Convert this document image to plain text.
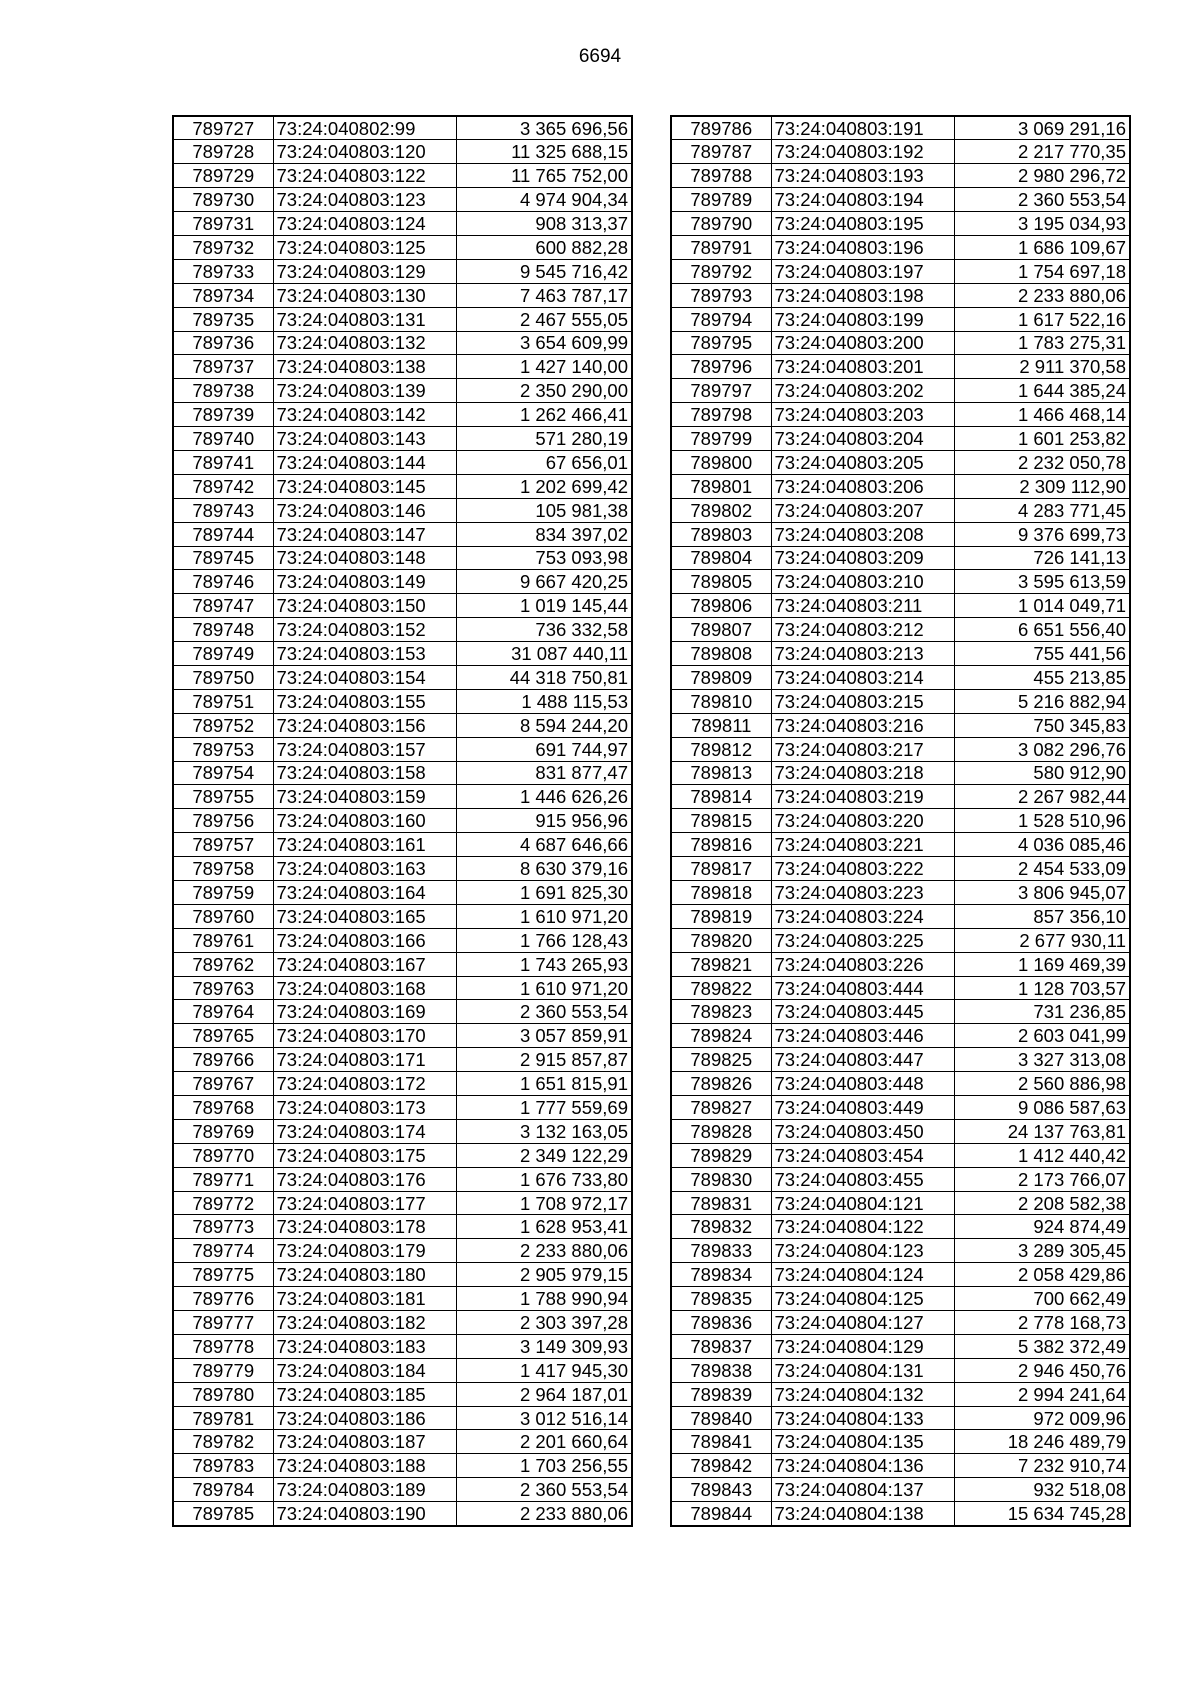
6694
789727	73:24:040802:99	3 365 696,56
789728	73:24:040803:120	11 325 688,15
789729	73:24:040803:122	11 765 752,00
789730	73:24:040803:123	4 974 904,34
789731	73:24:040803:124	908 313,37
789732	73:24:040803:125	600 882,28
789733	73:24:040803:129	9 545 716,42
789734	73:24:040803:130	7 463 787,17
789735	73:24:040803:131	2 467 555,05
789736	73:24:040803:132	3 654 609,99
789737	73:24:040803:138	1 427 140,00
789738	73:24:040803:139	2 350 290,00
789739	73:24:040803:142	1 262 466,41
789740	73:24:040803:143	571 280,19
789741	73:24:040803:144	67 656,01
789742	73:24:040803:145	1 202 699,42
789743	73:24:040803:146	105 981,38
789744	73:24:040803:147	834 397,02
789745	73:24:040803:148	753 093,98
789746	73:24:040803:149	9 667 420,25
789747	73:24:040803:150	1 019 145,44
789748	73:24:040803:152	736 332,58
789749	73:24:040803:153	31 087 440,11
789750	73:24:040803:154	44 318 750,81
789751	73:24:040803:155	1 488 115,53
789752	73:24:040803:156	8 594 244,20
789753	73:24:040803:157	691 744,97
789754	73:24:040803:158	831 877,47
789755	73:24:040803:159	1 446 626,26
789756	73:24:040803:160	915 956,96
789757	73:24:040803:161	4 687 646,66
789758	73:24:040803:163	8 630 379,16
789759	73:24:040803:164	1 691 825,30
789760	73:24:040803:165	1 610 971,20
789761	73:24:040803:166	1 766 128,43
789762	73:24:040803:167	1 743 265,93
789763	73:24:040803:168	1 610 971,20
789764	73:24:040803:169	2 360 553,54
789765	73:24:040803:170	3 057 859,91
789766	73:24:040803:171	2 915 857,87
789767	73:24:040803:172	1 651 815,91
789768	73:24:040803:173	1 777 559,69
789769	73:24:040803:174	3 132 163,05
789770	73:24:040803:175	2 349 122,29
789771	73:24:040803:176	1 676 733,80
789772	73:24:040803:177	1 708 972,17
789773	73:24:040803:178	1 628 953,41
789774	73:24:040803:179	2 233 880,06
789775	73:24:040803:180	2 905 979,15
789776	73:24:040803:181	1 788 990,94
789777	73:24:040803:182	2 303 397,28
789778	73:24:040803:183	3 149 309,93
789779	73:24:040803:184	1 417 945,30
789780	73:24:040803:185	2 964 187,01
789781	73:24:040803:186	3 012 516,14
789782	73:24:040803:187	2 201 660,64
789783	73:24:040803:188	1 703 256,55
789784	73:24:040803:189	2 360 553,54
789785	73:24:040803:190	2 233 880,06
789786	73:24:040803:191	3 069 291,16
789787	73:24:040803:192	2 217 770,35
789788	73:24:040803:193	2 980 296,72
789789	73:24:040803:194	2 360 553,54
789790	73:24:040803:195	3 195 034,93
789791	73:24:040803:196	1 686 109,67
789792	73:24:040803:197	1 754 697,18
789793	73:24:040803:198	2 233 880,06
789794	73:24:040803:199	1 617 522,16
789795	73:24:040803:200	1 783 275,31
789796	73:24:040803:201	2 911 370,58
789797	73:24:040803:202	1 644 385,24
789798	73:24:040803:203	1 466 468,14
789799	73:24:040803:204	1 601 253,82
789800	73:24:040803:205	2 232 050,78
789801	73:24:040803:206	2 309 112,90
789802	73:24:040803:207	4 283 771,45
789803	73:24:040803:208	9 376 699,73
789804	73:24:040803:209	726 141,13
789805	73:24:040803:210	3 595 613,59
789806	73:24:040803:211	1 014 049,71
789807	73:24:040803:212	6 651 556,40
789808	73:24:040803:213	755 441,56
789809	73:24:040803:214	455 213,85
789810	73:24:040803:215	5 216 882,94
789811	73:24:040803:216	750 345,83
789812	73:24:040803:217	3 082 296,76
789813	73:24:040803:218	580 912,90
789814	73:24:040803:219	2 267 982,44
789815	73:24:040803:220	1 528 510,96
789816	73:24:040803:221	4 036 085,46
789817	73:24:040803:222	2 454 533,09
789818	73:24:040803:223	3 806 945,07
789819	73:24:040803:224	857 356,10
789820	73:24:040803:225	2 677 930,11
789821	73:24:040803:226	1 169 469,39
789822	73:24:040803:444	1 128 703,57
789823	73:24:040803:445	731 236,85
789824	73:24:040803:446	2 603 041,99
789825	73:24:040803:447	3 327 313,08
789826	73:24:040803:448	2 560 886,98
789827	73:24:040803:449	9 086 587,63
789828	73:24:040803:450	24 137 763,81
789829	73:24:040803:454	1 412 440,42
789830	73:24:040803:455	2 173 766,07
789831	73:24:040804:121	2 208 582,38
789832	73:24:040804:122	924 874,49
789833	73:24:040804:123	3 289 305,45
789834	73:24:040804:124	2 058 429,86
789835	73:24:040804:125	700 662,49
789836	73:24:040804:127	2 778 168,73
789837	73:24:040804:129	5 382 372,49
789838	73:24:040804:131	2 946 450,76
789839	73:24:040804:132	2 994 241,64
789840	73:24:040804:133	972 009,96
789841	73:24:040804:135	18 246 489,79
789842	73:24:040804:136	7 232 910,74
789843	73:24:040804:137	932 518,08
789844	73:24:040804:138	15 634 745,28
